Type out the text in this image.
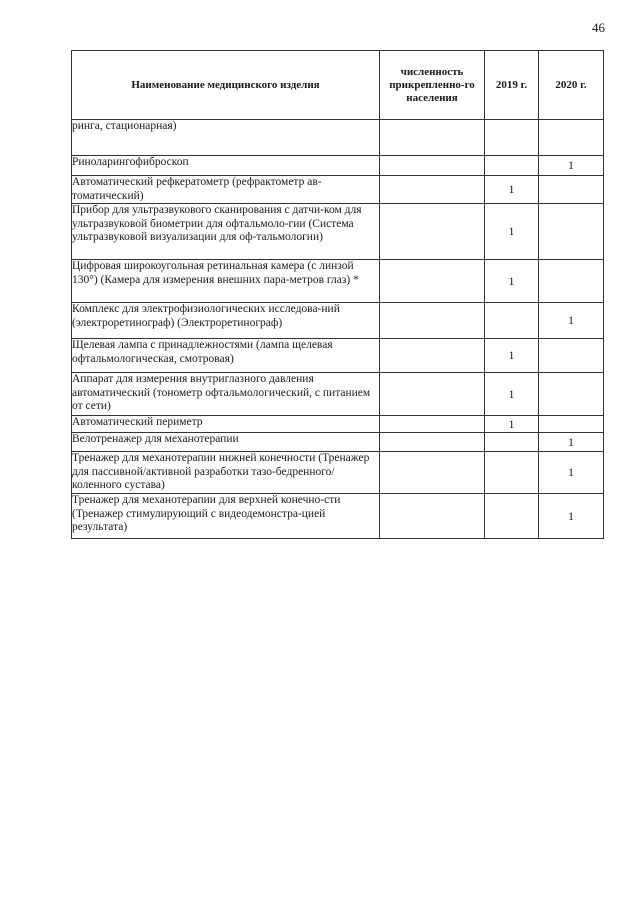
46
Наименование медицинского изделия	численность прикрепленно-го населения	2019 г.	2020 г.
ринга, стационарная)			
Риноларингофиброскоп			1
Автоматический рефкератометр (рефрактометр ав-томатический)		1	
Прибор для ультразвукового сканирования с датчи-ком для ультразвуковой биометрии для офтальмоло-гии (Система ультразвуковой визуализации для оф-тальмологии)		1	
Цифровая широкоугольная ретинальная камера (с линзой 130°) (Камера для измерения внешних пара-метров глаз) *		1	
Комплекс для электрофизиологических исследова-ний (электроретинограф) (Электроретинограф)			1
Щелевая лампа с принадлежностями (лампа щелевая офтальмологическая, смотровая)		1	
Аппарат для измерения внутриглазного давления автоматический (тонометр офтальмологический, с питанием от сети)		1	
Автоматический периметр		1	
Велотренажер для механотерапии			1
Тренажер для механотерапии нижней конечности (Тренажер для пассивной/активной разработки тазо-бедренного/коленного сустава)			1
Тренажер для механотерапии для верхней конечно-сти (Тренажер стимулирующий с видеодемонстра-цией результата)			1
